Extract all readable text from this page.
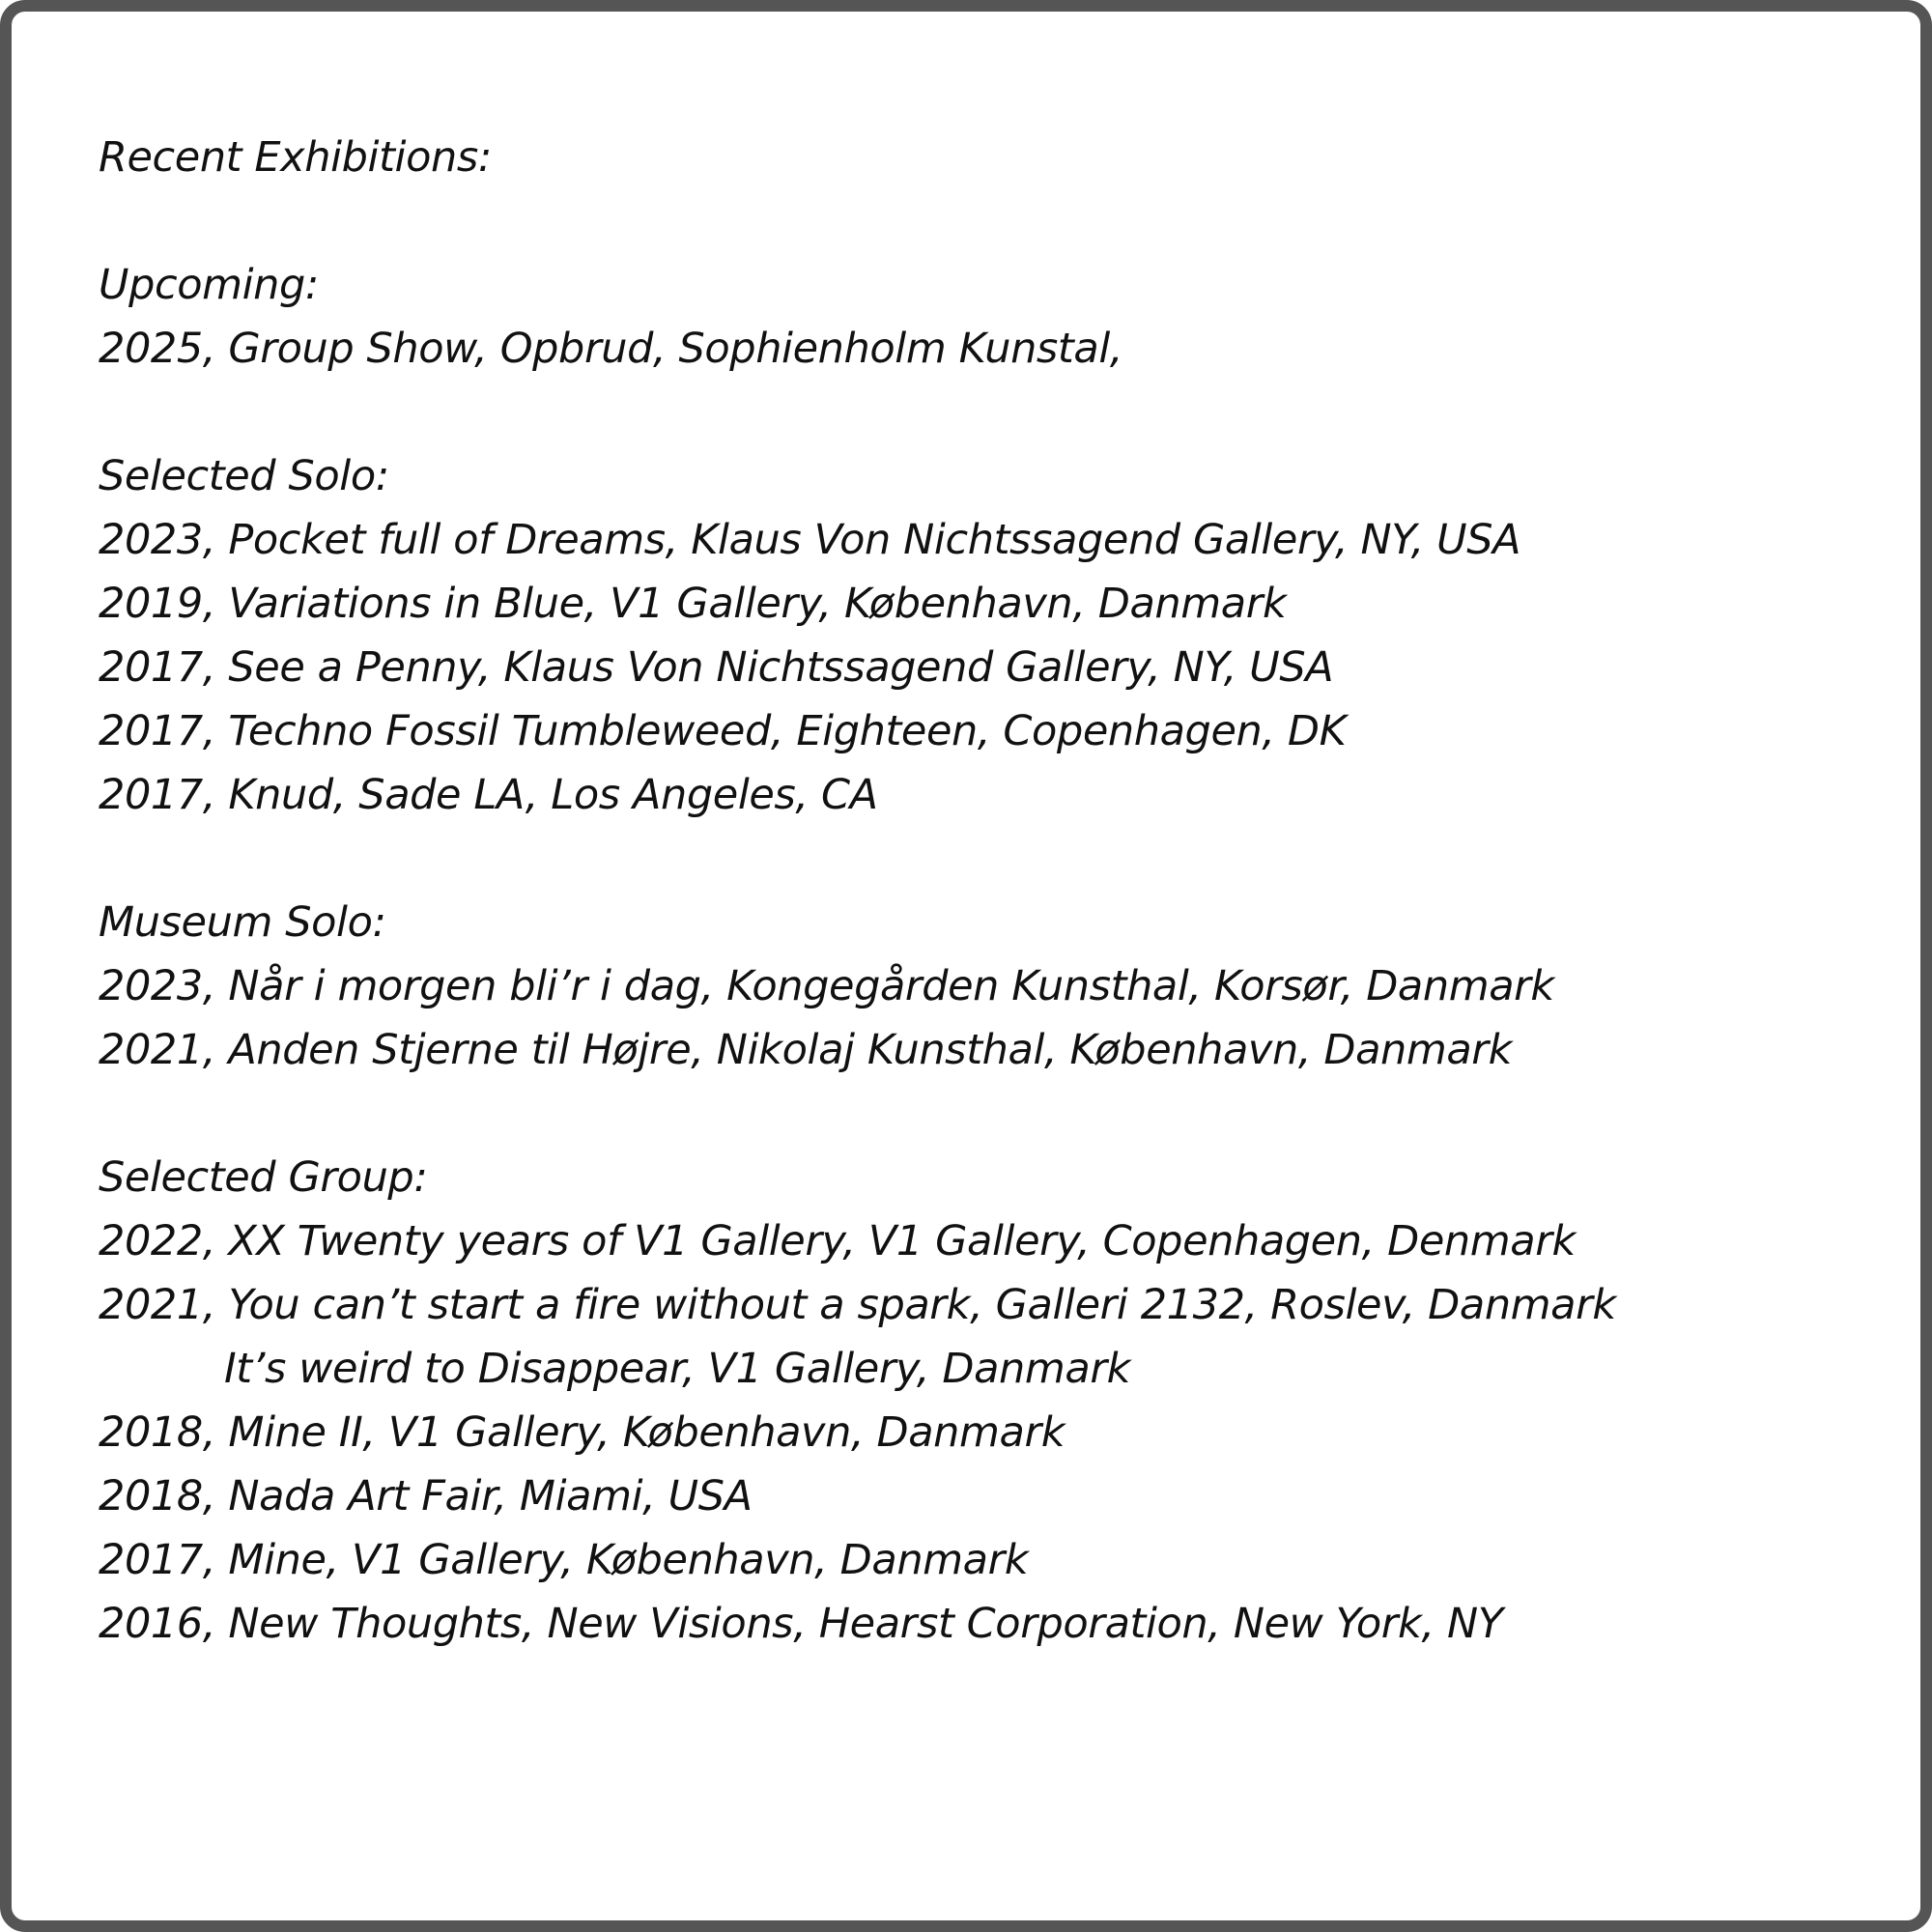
Recent Exhibitions:
Upcoming:
2025, Group Show, Opbrud, Sophienholm Kunstal,
Selected Solo:
2023, Pocket full of Dreams, Klaus Von Nichtssagend Gallery, NY, USA
2019, Variations in Blue, V1 Gallery, København, Danmark
2017, See a Penny, Klaus Von Nichtssagend Gallery, NY, USA
2017, Techno Fossil Tumbleweed, Eighteen, Copenhagen, DK
2017, Knud, Sade LA, Los Angeles, CA
Museum Solo:
2023, Når i morgen bli’r i dag, Kongegården Kunsthal, Korsør, Danmark
2021, Anden Stjerne til Højre, Nikolaj Kunsthal, København, Danmark
Selected Group:
2022, XX Twenty years of V1 Gallery, V1 Gallery, Copenhagen, Denmark
2021, You can’t start a fire without a spark, Galleri 2132, Roslev, Danmark
It’s weird to Disappear, V1 Gallery, Danmark
2018, Mine II, V1 Gallery, København, Danmark
2018, Nada Art Fair, Miami, USA
2017, Mine, V1 Gallery, København, Danmark
2016, New Thoughts, New Visions, Hearst Corporation, New York, NY
